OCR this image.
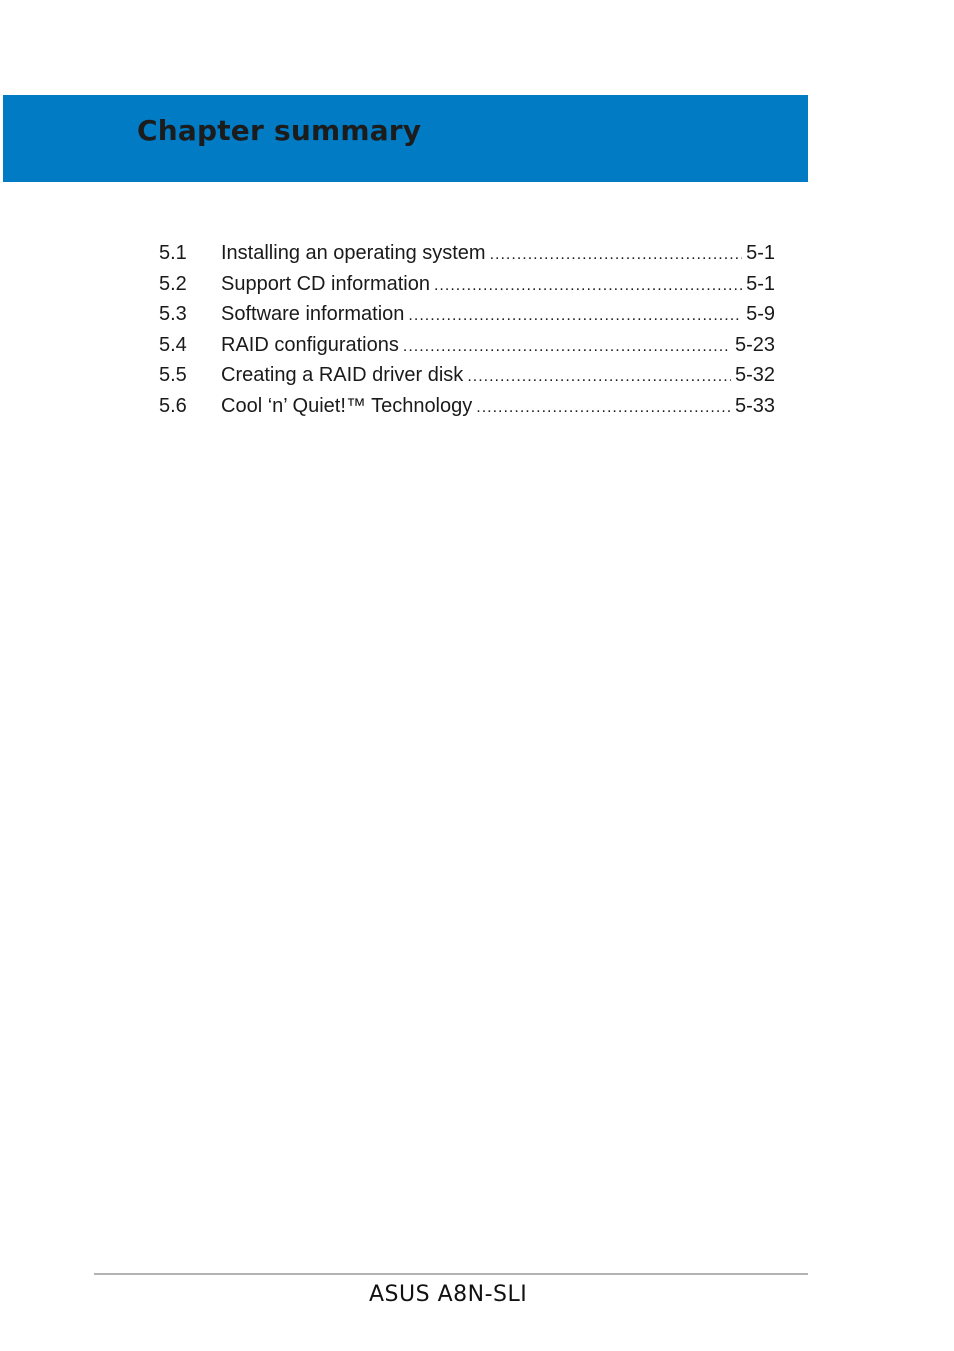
Chapter summary
5.1	Installing an operating system .....	5-1
5.2	Support CD information .....	5-1
5.3	Software information .....	5-9
5.4	RAID configurations .....	5-23
5.5	Creating a RAID driver disk .....	5-32
5.6	Cool ‘n’ Quiet!™ Technology .....	5-33

ASUS A8N-SLI
